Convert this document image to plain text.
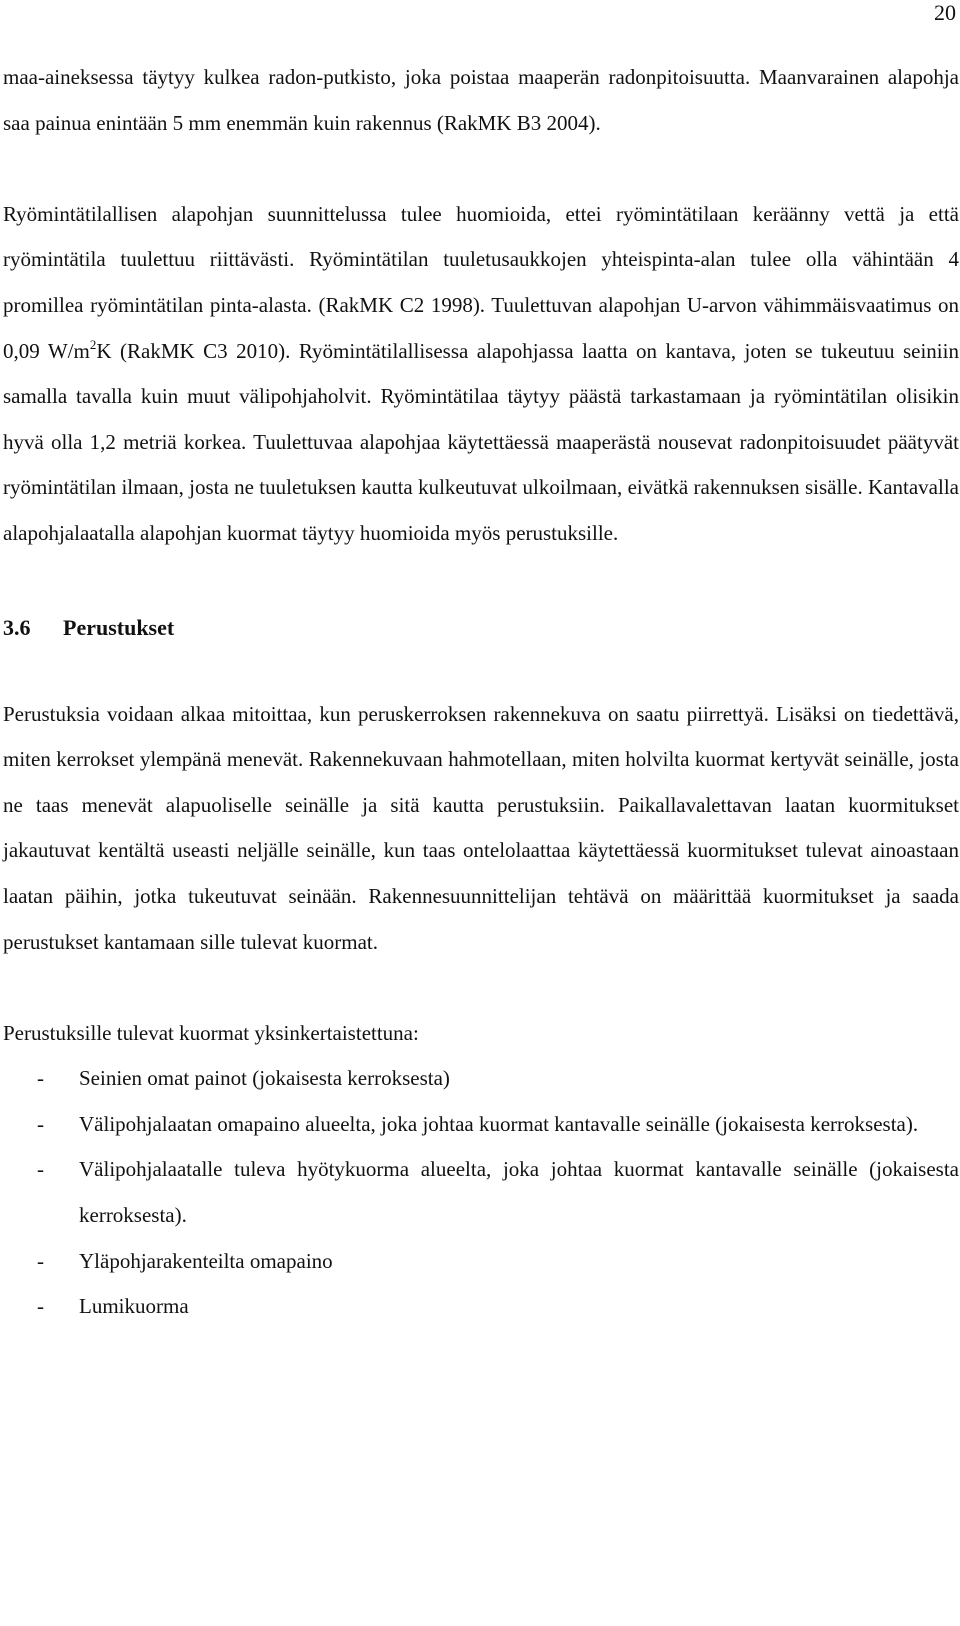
20

maa-aineksessa täytyy kulkea radon-putkisto, joka poistaa maaperän radonpitoisuutta. Maanvarainen alapohja saa painua enintään 5 mm enemmän kuin rakennus (RakMK B3 2004).

Ryömintätilallisen alapohjan suunnittelussa tulee huomioida, ettei ryömintätilaan keräänny vettä ja että ryömintätila tuulettuu riittävästi. Ryömintätilan tuuletusaukkojen yhteispinta-alan tulee olla vähintään 4 promillea ryömintätilan pinta-alasta. (RakMK C2 1998). Tuulettuvan alapohjan U-arvon vähimmäisvaatimus on 0,09 $W/m^2K$ (RakMK C3 2010). Ryömintätilallisessa alapohjassa laatta on kantava, joten se tukeutuu seiniin samalla tavalla kuin muut välipohjaholvit. Ryömintätilaa täytyy päästä tarkastamaan ja ryömintätilan olisikin hyvä olla 1,2 metriä korkea. Tuulettuvaa alapohjaa käytettäessä maaperästä nousevat radonpitoisuudet päätyvät ryömintätilan ilmaan, josta ne tuuletuksen kautta kulkeutuvat ulkoilmaan, eivätkä rakennuksen sisälle. Kantavalla alapohjalaatalla alapohjan kuormat täytyy huomioida myös perustuksille.

3.6 Perustukset

Perustuksia voidaan alkaa mitoittaa, kun peruskerroksen rakennekuva on saatu piirrettyä. Lisäksi on tiedettävä, miten kerrokset ylempänä menevät. Rakennekuvaan hahmotellaan, miten holvilta kuormat kertyvät seinälle, josta ne taas menevät alapuoliselle seinälle ja sitä kautta perustuksiin. Paikallavalettavan laatan kuormitukset jakautuvat kentältä useasti neljälle seinälle, kun taas ontelolaattaa käytettäessä kuormitukset tulevat ainoastaan laatan päihin, jotka tukeutuvat seinään. Rakennesuunnittelijan tehtävä on määrittää kuormitukset ja saada perustukset kantamaan sille tulevat kuormat.

Perustuksille tulevat kuormat yksinkertaistettuna:

- Seinien omat painot (jokaisesta kerroksesta)
- Välipohjalaatan omapaino alueelta, joka johtaa kuormat kantavalle seinälle (jokaisesta kerroksesta).
- Välipohjalaatalle tuleva hyötykuorma alueelta, joka johtaa kuormat kantavalle seinälle (jokaisesta kerroksesta).
- Yläpohjarakenteilta omapaino
- Lumikuorma
